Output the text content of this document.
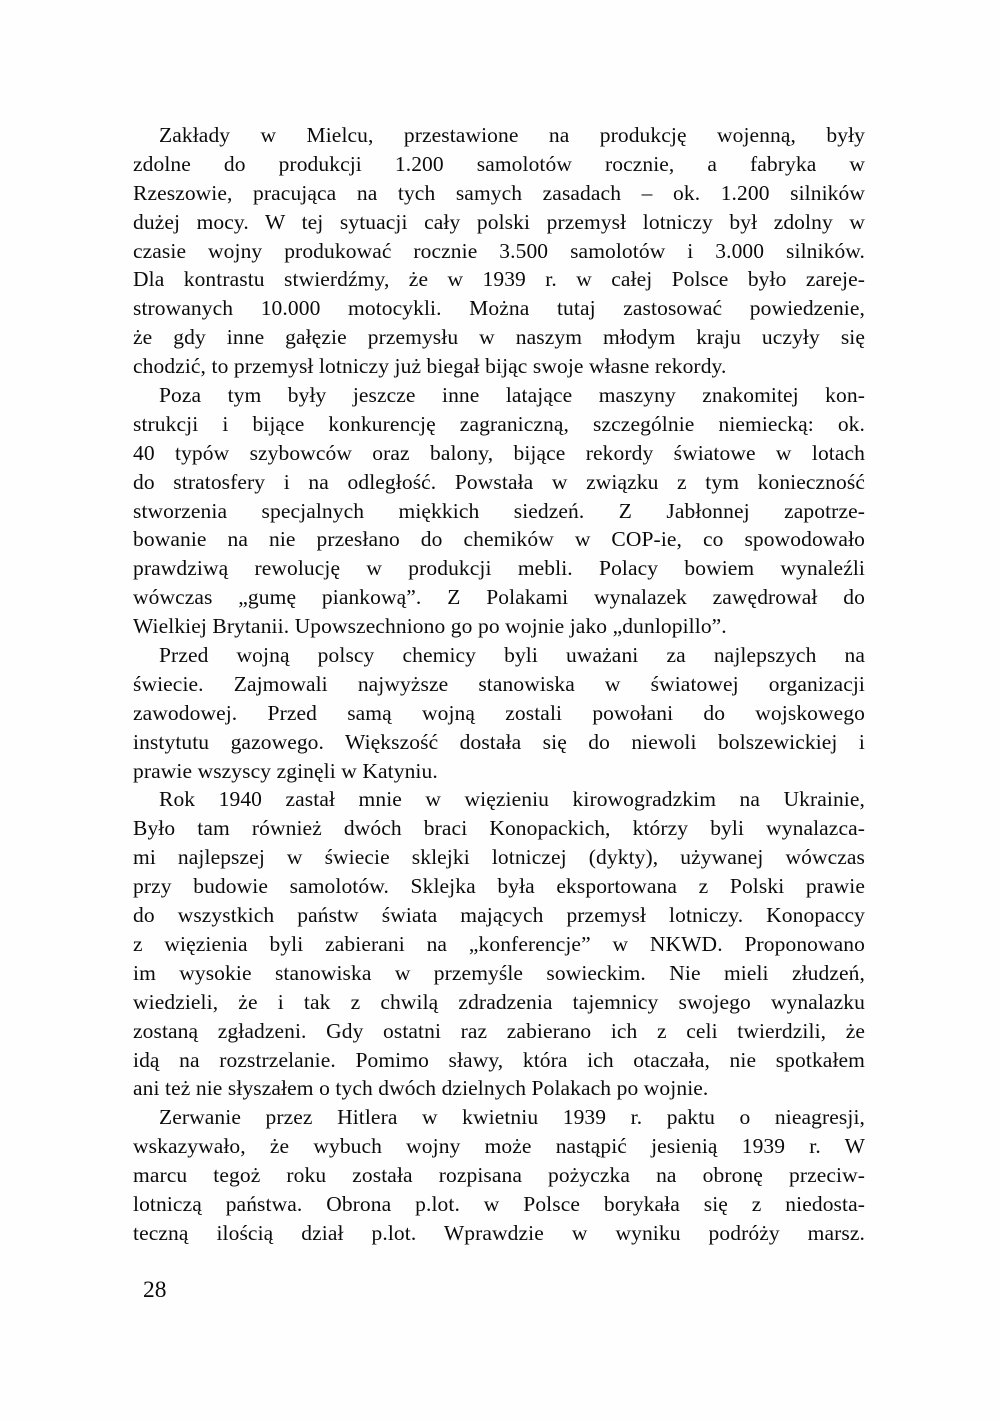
Zakłady w Mielcu, przestawione na produkcję wojenną, były
zdolne do produkcji 1.200 samolotów rocznie, a fabryka w
Rzeszowie, pracująca na tych samych zasadach – ok. 1.200 silników
dużej mocy. W tej sytuacji cały polski przemysł lotniczy był zdolny w
czasie wojny produkować rocznie 3.500 samolotów i 3.000 silników.
Dla kontrastu stwierdźmy, że w 1939 r. w całej Polsce było zareje-
strowanych 10.000 motocykli. Można tutaj zastosować powiedzenie,
że gdy inne gałęzie przemysłu w naszym młodym kraju uczyły się
chodzić, to przemysł lotniczy już biegał bijąc swoje własne rekordy.
Poza tym były jeszcze inne latające maszyny znakomitej kon-
strukcji i bijące konkurencję zagraniczną, szczególnie niemiecką: ok.
40 typów szybowców oraz balony, bijące rekordy światowe w lotach
do stratosfery i na odległość. Powstała w związku z tym konieczność
stworzenia specjalnych miękkich siedzeń. Z Jabłonnej zapotrze-
bowanie na nie przesłano do chemików w COP-ie, co spowodowało
prawdziwą rewolucję w produkcji mebli. Polacy bowiem wynaleźli
wówczas „gumę piankową”. Z Polakami wynalazek zawędrował do
Wielkiej Brytanii. Upowszechniono go po wojnie jako „dunlopillo”.
Przed wojną polscy chemicy byli uważani za najlepszych na
świecie. Zajmowali najwyższe stanowiska w światowej organizacji
zawodowej. Przed samą wojną zostali powołani do wojskowego
instytutu gazowego. Większość dostała się do niewoli bolszewickiej i
prawie wszyscy zginęli w Katyniu.
Rok 1940 zastał mnie w więzieniu kirowogradzkim na Ukrainie,
Było tam również dwóch braci Konopackich, którzy byli wynalazca-
mi najlepszej w świecie sklejki lotniczej (dykty), używanej wówczas
przy budowie samolotów. Sklejka była eksportowana z Polski prawie
do wszystkich państw świata mających przemysł lotniczy. Konopaccy
z więzienia byli zabierani na „konferencje” w NKWD. Proponowano
im wysokie stanowiska w przemyśle sowieckim. Nie mieli złudzeń,
wiedzieli, że i tak z chwilą zdradzenia tajemnicy swojego wynalazku
zostaną zgładzeni. Gdy ostatni raz zabierano ich z celi twierdzili, że
idą na rozstrzelanie. Pomimo sławy, która ich otaczała, nie spotkałem
ani też nie słyszałem o tych dwóch dzielnych Polakach po wojnie.
Zerwanie przez Hitlera w kwietniu 1939 r. paktu o nieagresji,
wskazywało, że wybuch wojny może nastąpić jesienią 1939 r. W
marcu tegoż roku została rozpisana pożyczka na obronę przeciw-
lotniczą państwa. Obrona p.lot. w Polsce borykała się z niedosta-
teczną ilością dział p.lot. Wprawdzie w wyniku podróży marsz.
28
